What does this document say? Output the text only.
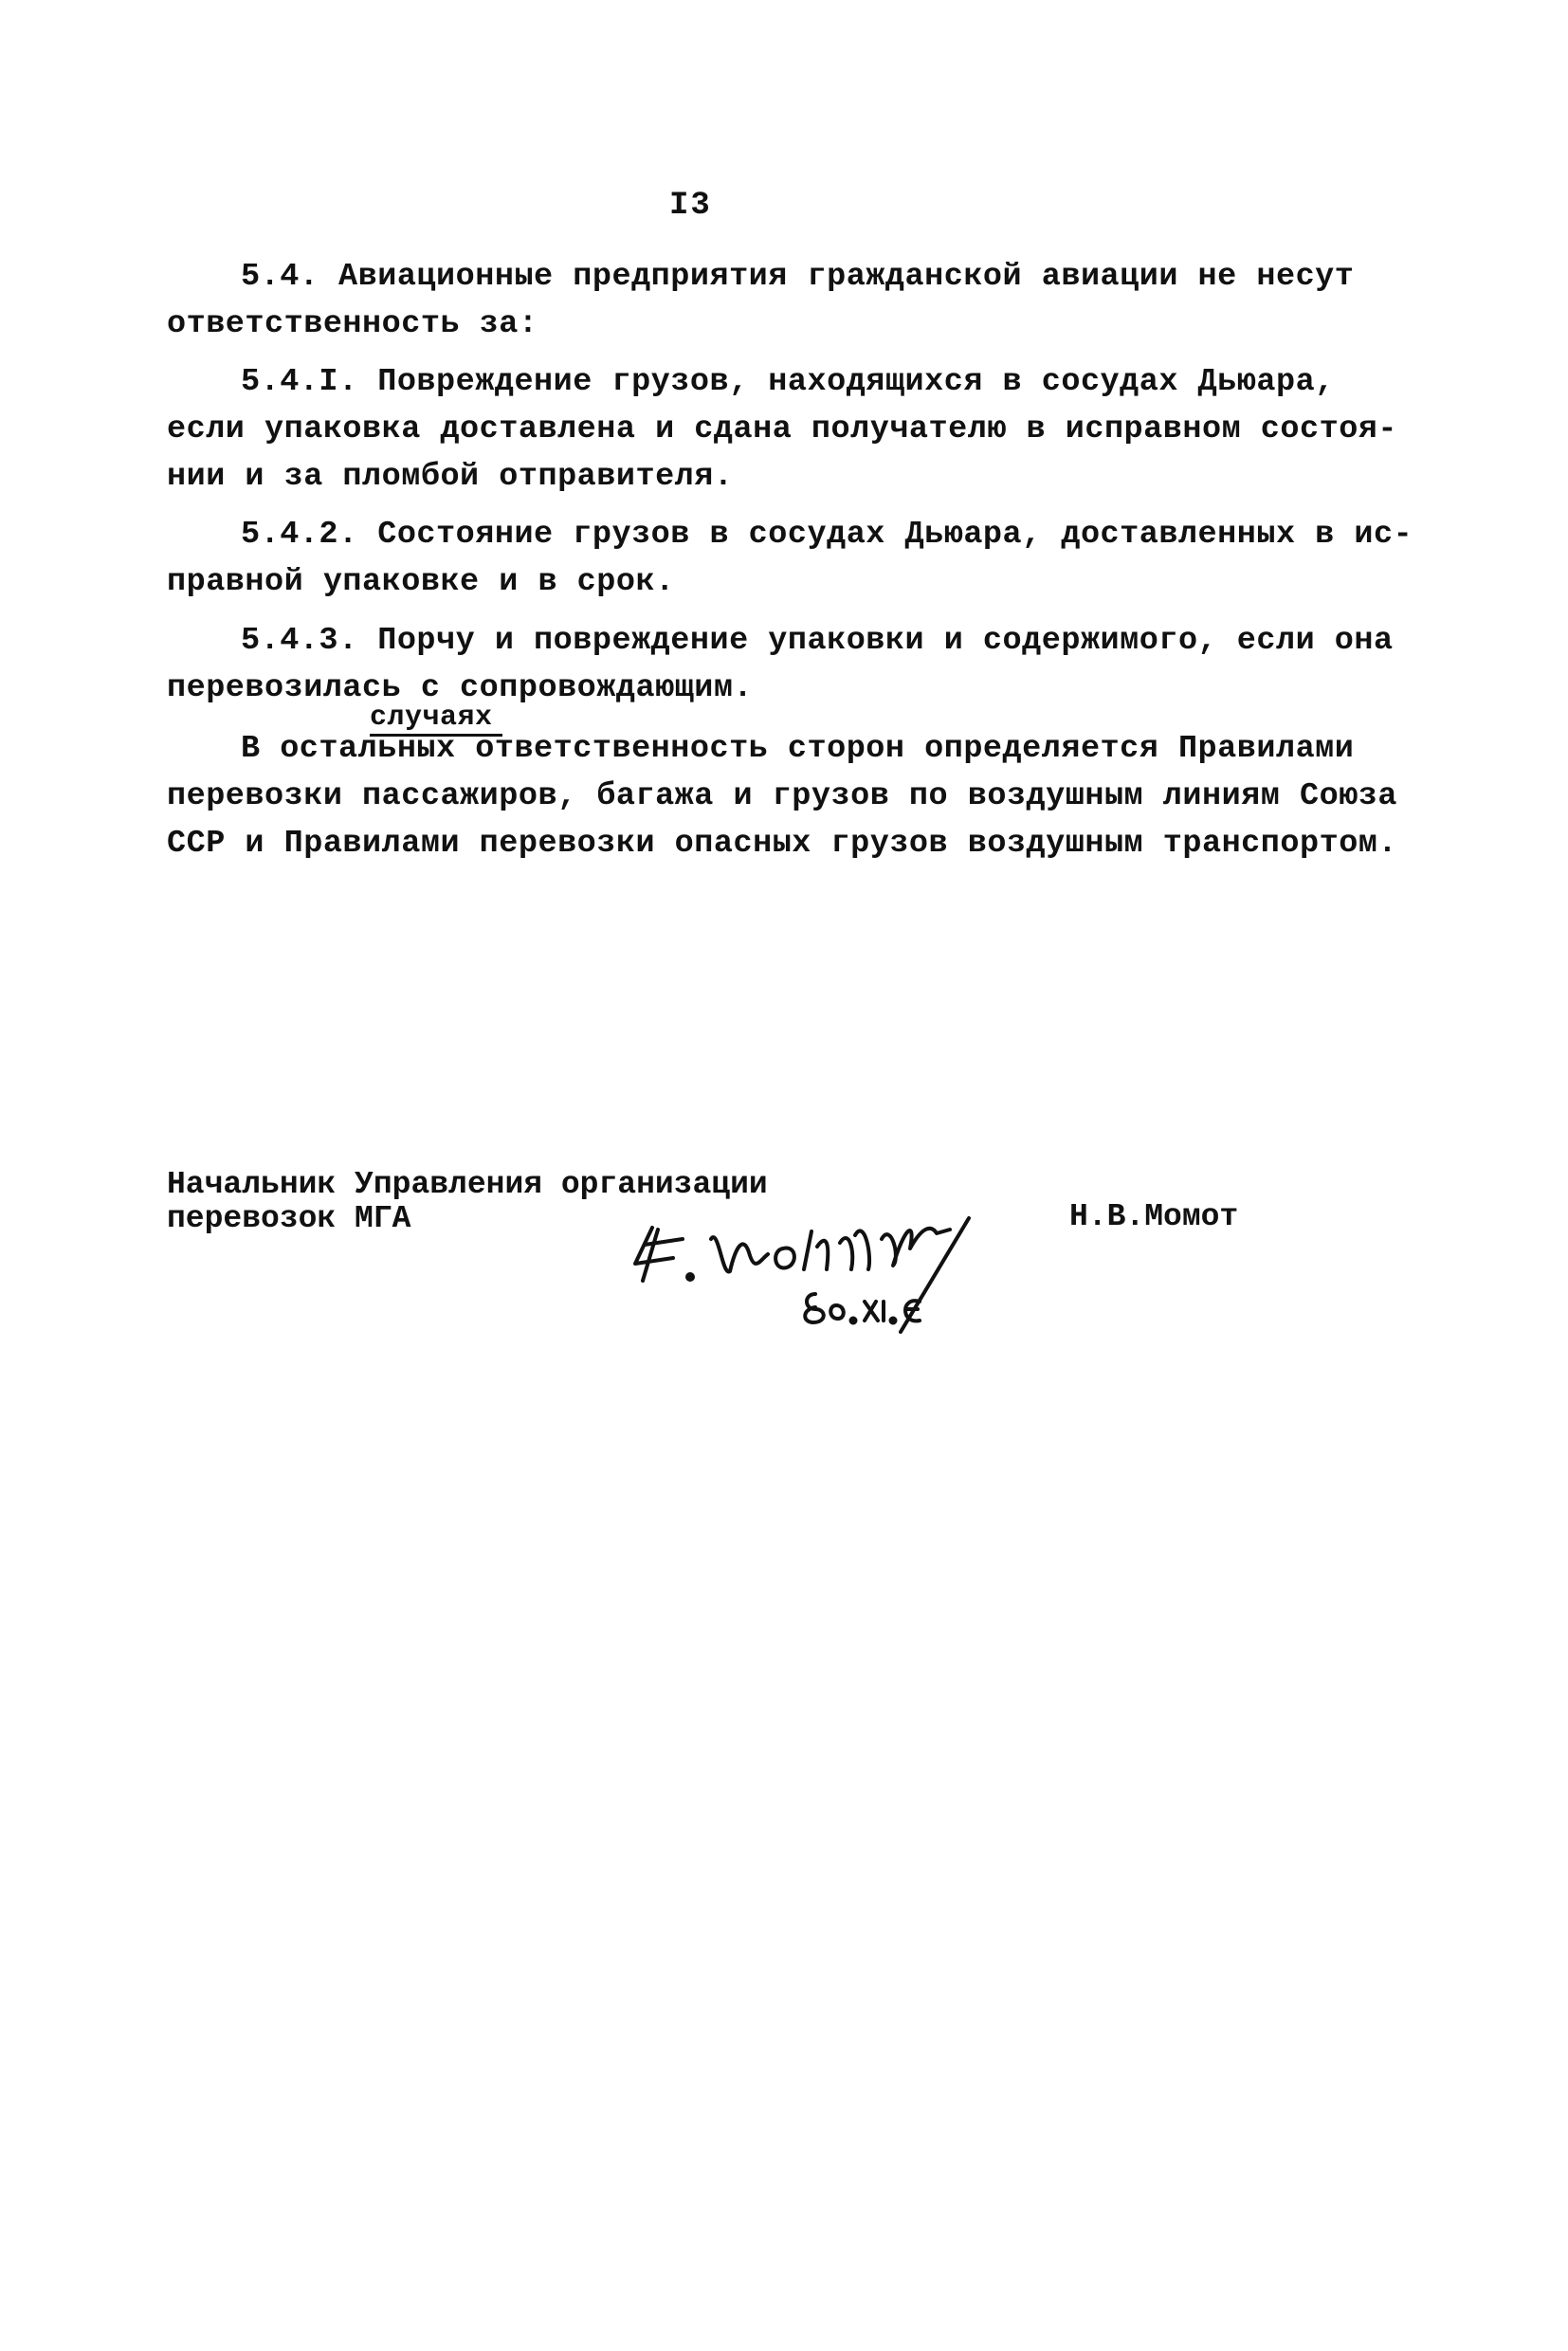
I3
5.4. Авиационные предприятия гражданской авиации не несут
ответственность за:
5.4.I. Повреждение грузов, находящихся в сосудах Дьюара,
если упаковка доставлена и сдана получателю в исправном состоя-
нии и за пломбой отправителя.
5.4.2. Состояние грузов в сосудах Дьюара, доставленных в ис-
правной упаковке и в срок.
5.4.3. Порчу и повреждение упаковки и содержимого, если она
перевозилась с сопровождающим.
случаях
В остальных ответственность сторон определяется Правилами
перевозки пассажиров, багажа и грузов по воздушным линиям Союза
ССР и Правилами перевозки опасных грузов воздушным транспортом.
Начальник Управления организации
перевозок МГА	Н.В.Момот
